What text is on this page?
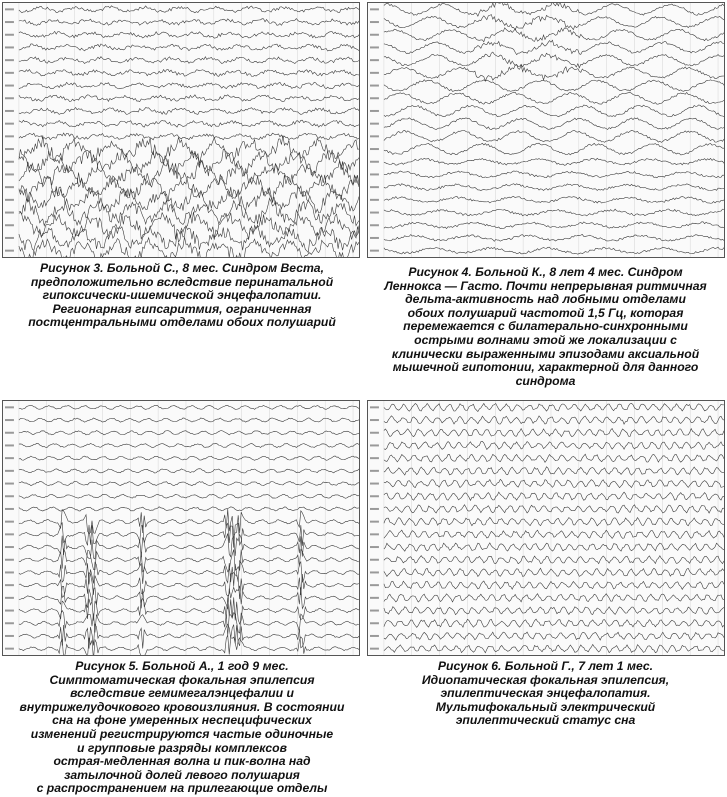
Рисунок 3. Больной С., 8 мес. Синдром Веста,
предположительно вследствие перинатальной
гипоксически-ишемической энцефалопатии.
Регионарная гипсаритмия, ограниченная
постцентральными отделами обоих полушарий
Рисунок 4. Больной К., 8 лет 4 мес. Синдром
Леннокса — Гасто. Почти непрерывная ритмичная
дельта-активность над лобными отделами
обоих полушарий частотой 1,5 Гц, которая
перемежается с билатерально-синхронными
острыми волнами этой же локализации с
клинически выраженными эпизодами аксиальной
мышечной гипотонии, характерной для данного
синдрома
Рисунок 5. Больной А., 1 год 9 мес.
Симптоматическая фокальная эпилепсия
вследствие гемимегалэнцефалии и
внутрижелудочкового кровоизлияния. В состоянии
сна на фоне умеренных неспецифических
изменений регистрируются частые одиночные
и групповые разряды комплексов
острая-медленная волна и пик-волна над
затылочной долей левого полушария
с распространением на прилегающие отделы
Рисунок 6. Больной Г., 7 лет 1 мес.
Идиопатическая фокальная эпилепсия,
эпилептическая энцефалопатия.
Мультифокальный электрический
эпилептический статус сна
